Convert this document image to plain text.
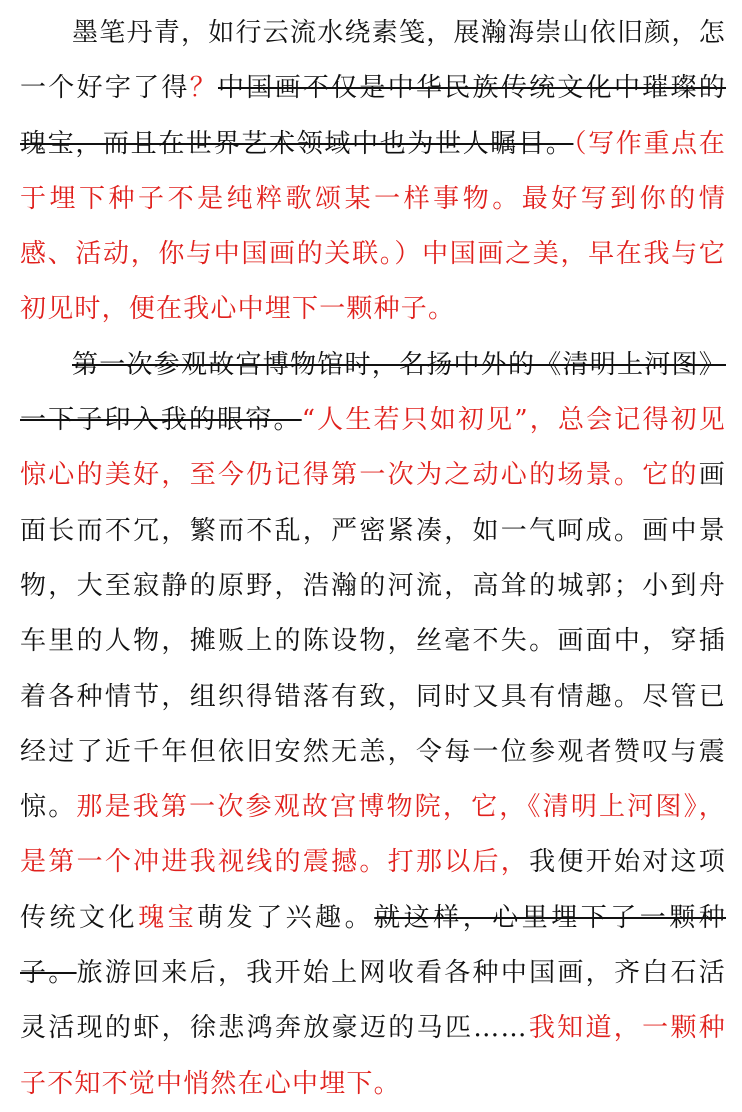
墨笔丹青，如行云流水绕素笺，展瀚海崇山依旧颜，怎一个好字了得？中国画不仅是中华民族传统文化中璀璨的瑰宝，而且在世界艺术领域中也为世人瞩目。（写作重点在于埋下种子不是纯粹歌颂某一样事物。最好写到你的情感、活动，你与中国画的关联。）中国画之美，早在我与它初见时，便在我心中埋下一颗种子。

第一次参观故宫博物馆时，名扬中外的《清明上河图》一下子印入我的眼帘。“人生若只如初见”，总会记得初见惊心的美好，至今仍记得第一次为之动心的场景。它的画面长而不冗，繁而不乱，严密紧凑，如一气呵成。画中景物，大至寂静的原野，浩瀚的河流，高耸的城郭；小到舟车里的人物，摊贩上的陈设物，丝毫不失。画面中，穿插着各种情节，组织得错落有致，同时又具有情趣。尽管已经过了近千年但依旧安然无恙，令每一位参观者赞叹与震惊。那是我第一次参观故宫博物院，它，《清明上河图》，是第一个冲进我视线的震撼。打那以后，我便开始对这项传统文化瑰宝萌发了兴趣。就这样，心里埋下了一颗种子。旅游回来后，我开始上网收看各种中国画，齐白石活灵活现的虾，徐悲鸿奔放豪迈的马匹……我知道，一颗种子不知不觉中悄然在心中埋下。
